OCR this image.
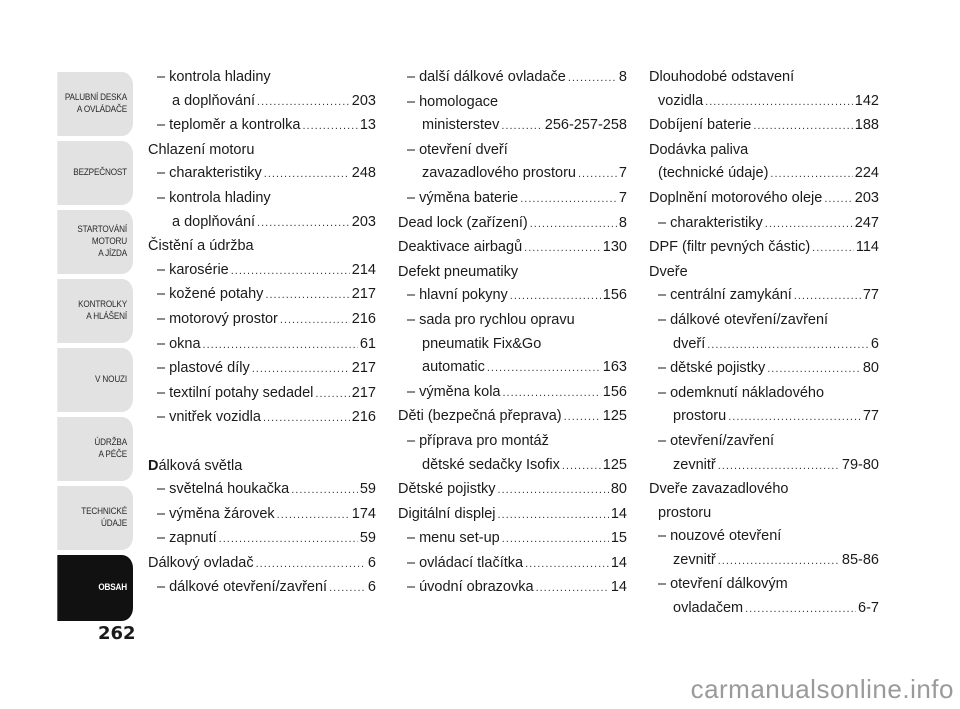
PALUBNÍ DESKA
A OVLÁDAČE
BEZPEČNOST
STARTOVÁNÍ
MOTORU
A JÍZDA
KONTROLKY
A HLÁŠENÍ
V NOUZI
ÚDRŽBA
A PÉČE
TECHNICKÉ
ÚDAJE
OBSAH
262
– kontrola hladiny
a doplňování .....	203
– teploměr a kontrolka .....	13
Chlazení motoru
– charakteristiky .....	248
– kontrola hladiny
a doplňování .....	203
Čistění a údržba
– karosérie .....	214
– kožené potahy .....	217
– motorový prostor .....	216
– okna .....	61
– plastové díly .....	217
– textilní potahy sedadel .....	217
– vnitřek vozidla .....	216
Dálková světla
– světelná houkačka .....	59
– výměna žárovek .....	174
– zapnutí .....	59
Dálkový ovladač .....	6
– dálkové otevření/zavření .....	6
– další dálkové ovladače .....	8
– homologace
ministerstev .....	256-257-258
– otevření dveří
zavazadlového prostoru .....	7
– výměna baterie .....	7
Dead lock (zařízení) .....	8
Deaktivace airbagů .....	130
Defekt pneumatiky
– hlavní pokyny .....	156
– sada pro rychlou opravu
pneumatik Fix&Go
automatic .....	163
– výměna kola .....	156
Děti (bezpečná přeprava) .....	125
– příprava pro montáž
dětské sedačky Isofix .....	125
Dětské pojistky .....	80
Digitální displej .....	14
– menu set-up .....	15
– ovládací tlačítka .....	14
– úvodní obrazovka .....	14
Dlouhodobé odstavení
vozidla .....	142
Dobíjení baterie .....	188
Dodávka paliva
(technické údaje) .....	224
Doplnění motorového oleje ..... 203
– charakteristiky .....	247
DPF (filtr pevných částic) .....	114
Dveře
– centrální zamykání .....	77
– dálkové otevření/zavření
dveří .....	6
– dětské pojistky .....	80
– odemknutí nákladového
prostoru .....	77
– otevření/zavření
zevnitř .....	79-80
Dveře zavazadlového
prostoru
– nouzové otevření
zevnitř .....	85-86
– otevření dálkovým
ovladačem .....	6-7
carmanualsonline.info
